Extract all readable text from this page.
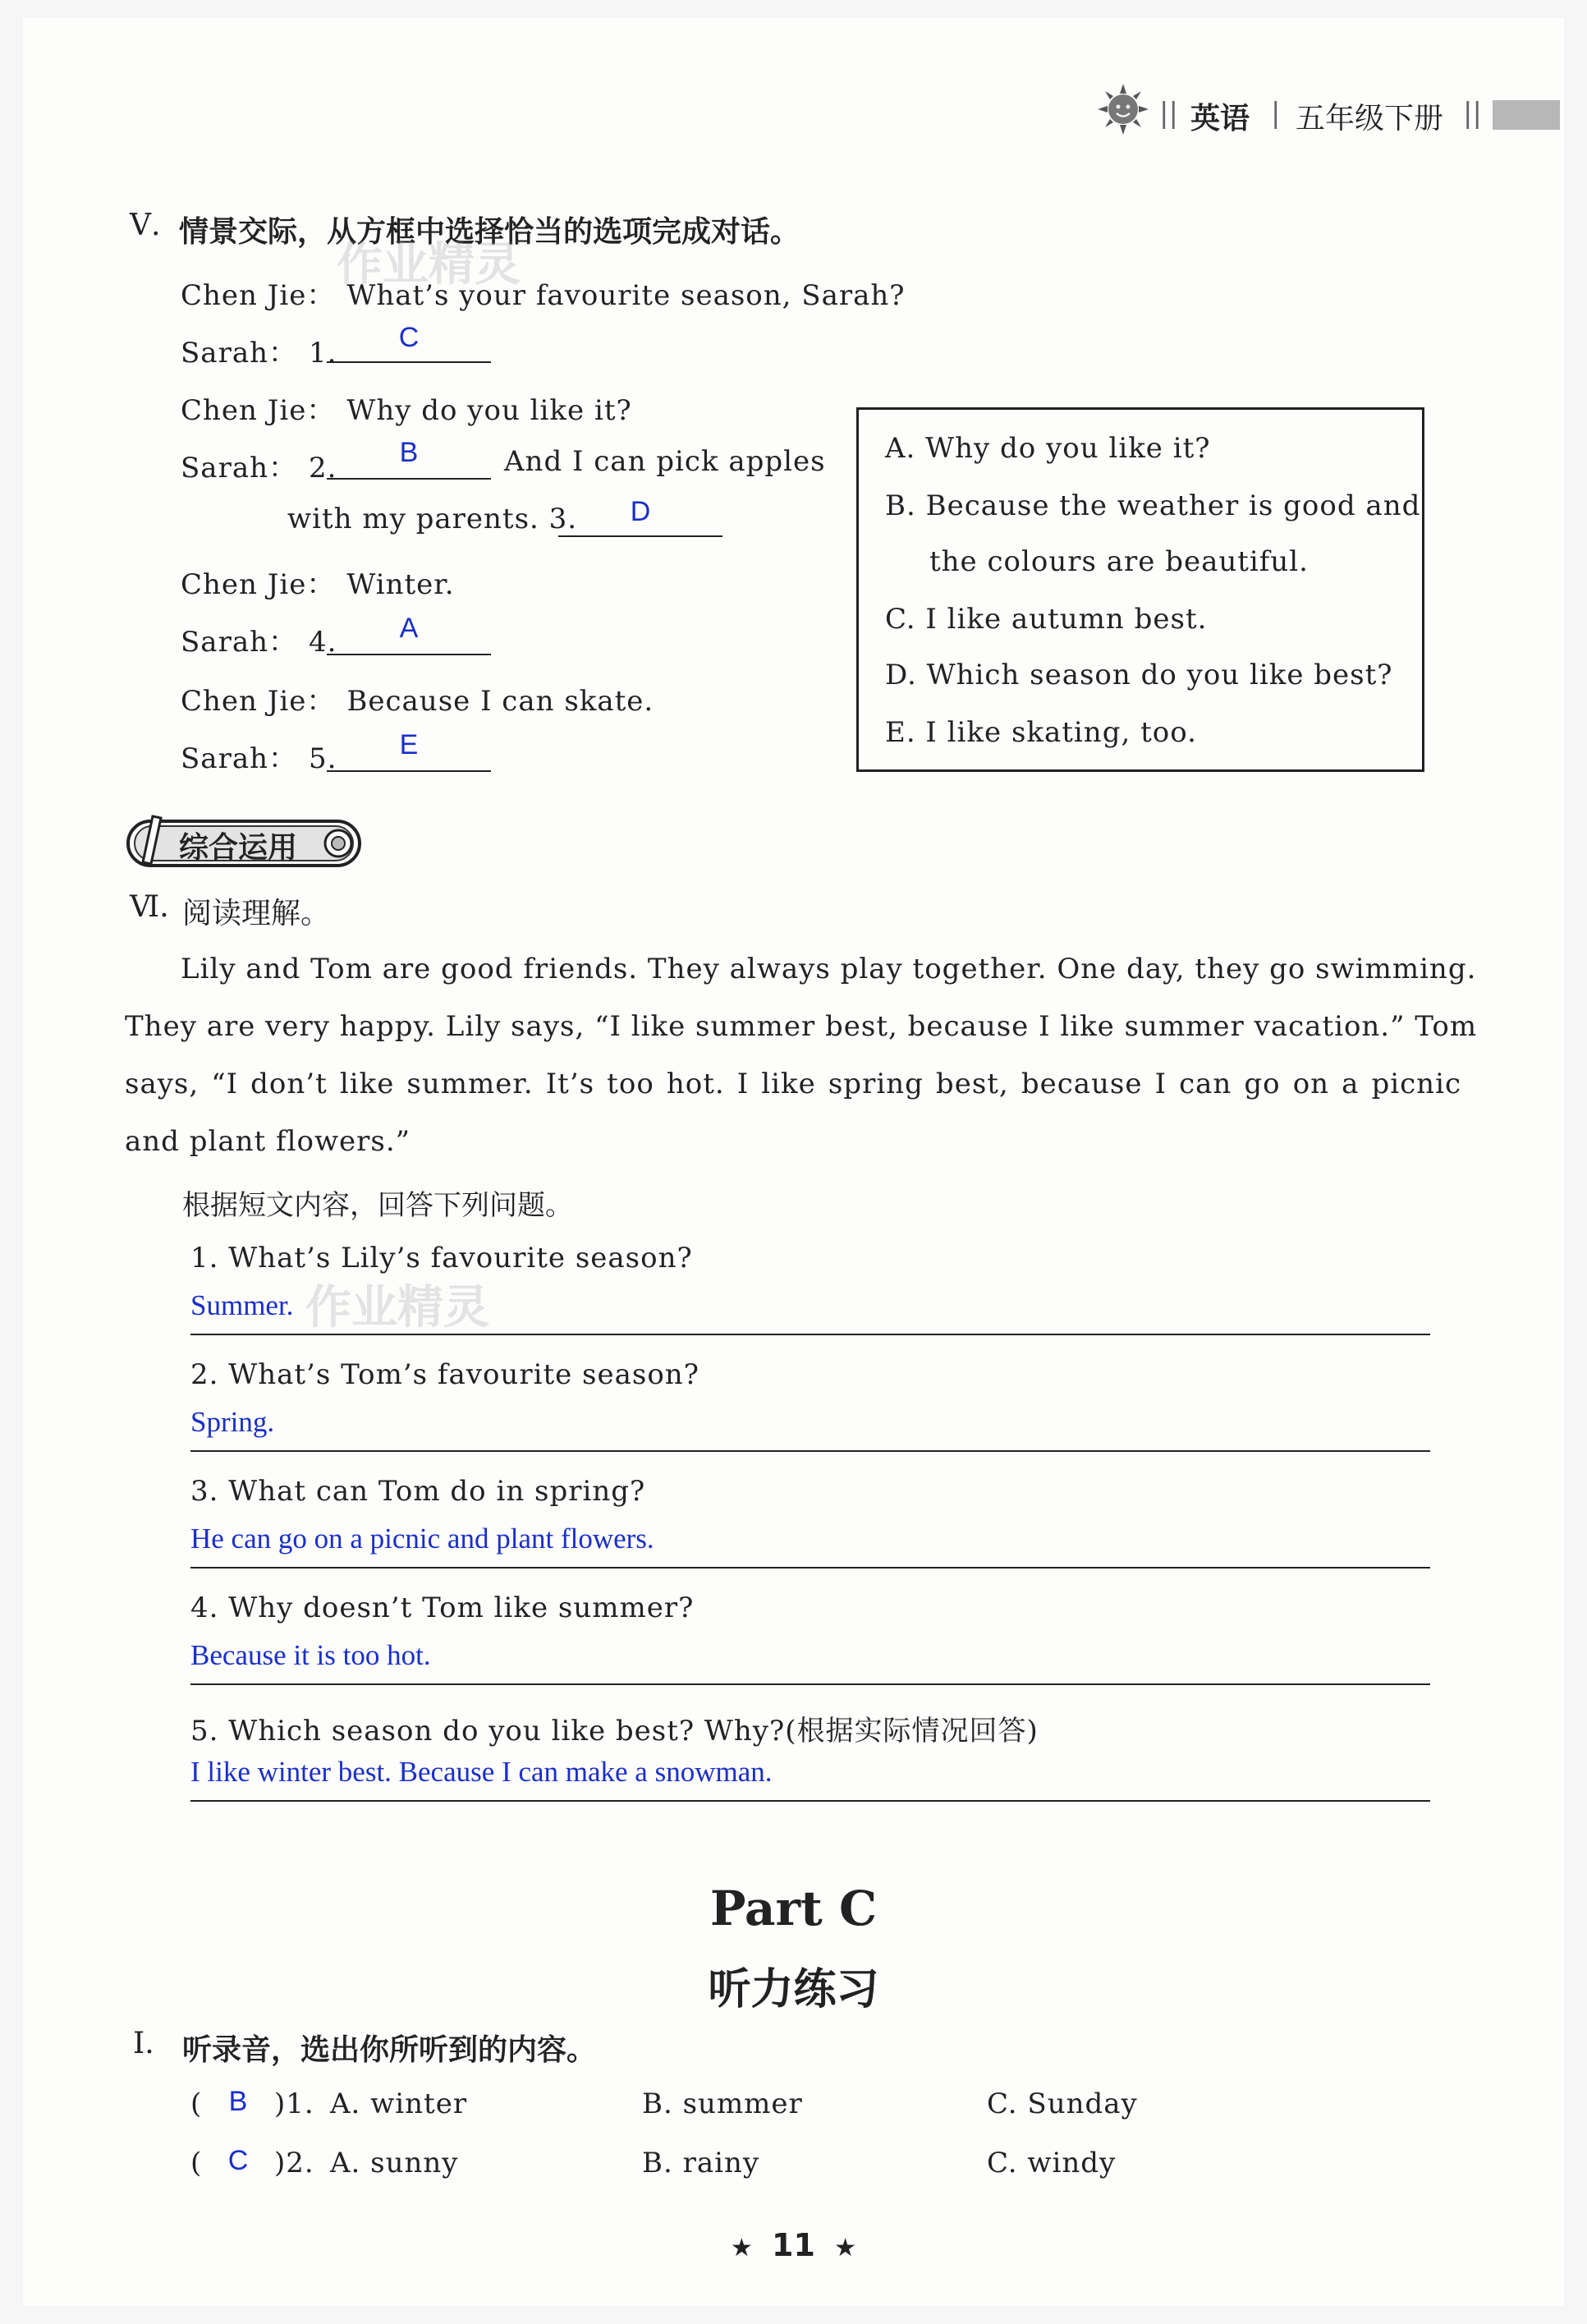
|| 英语 | 五年级下册 ||
Ⅴ. 情景交际，从方框中选择恰当的选项完成对话。
作业精灵
Chen Jie： What’s your favourite season, Sarah?
Sarah： 1.	C
Chen Jie： Why do you like it?
Sarah： 2.	B	And I can pick apples
with my parents. 3.	D
Chen Jie： Winter.
Sarah： 4.	A
Chen Jie： Because I can skate.
Sarah： 5.	E
A. Why do you like it?
B. Because the weather is good and
the colours are beautiful.
C. I like autumn best.
D. Which season do you like best?
E. I like skating, too.
综合运用
Ⅵ. 阅读理解。
Lily and Tom are good friends. They always play together. One day, they go swimming.
They are very happy. Lily says, “I like summer best, because I like summer vacation.” Tom
says, “I don’t like summer. It’s too hot. I like spring best, because I can go on a picnic
and plant flowers.”
根据短文内容，回答下列问题。
1. What’s Lily’s favourite season?
Summer. 作业精灵
2. What’s Tom’s favourite season?
Spring.
3. What can Tom do in spring?
He can go on a picnic and plant flowers.
4. Why doesn’t Tom like summer?
Because it is too hot.
5. Which season do you like best? Why?(根据实际情况回答)
I like winter best. Because I can make a snowman.
Part C
听力练习
Ⅰ. 听录音，选出你所听到的内容。
( B )1. A. winter	B. summer	C. Sunday
( C )2. A. sunny	B. rainy	C. windy
★ 11 ★
